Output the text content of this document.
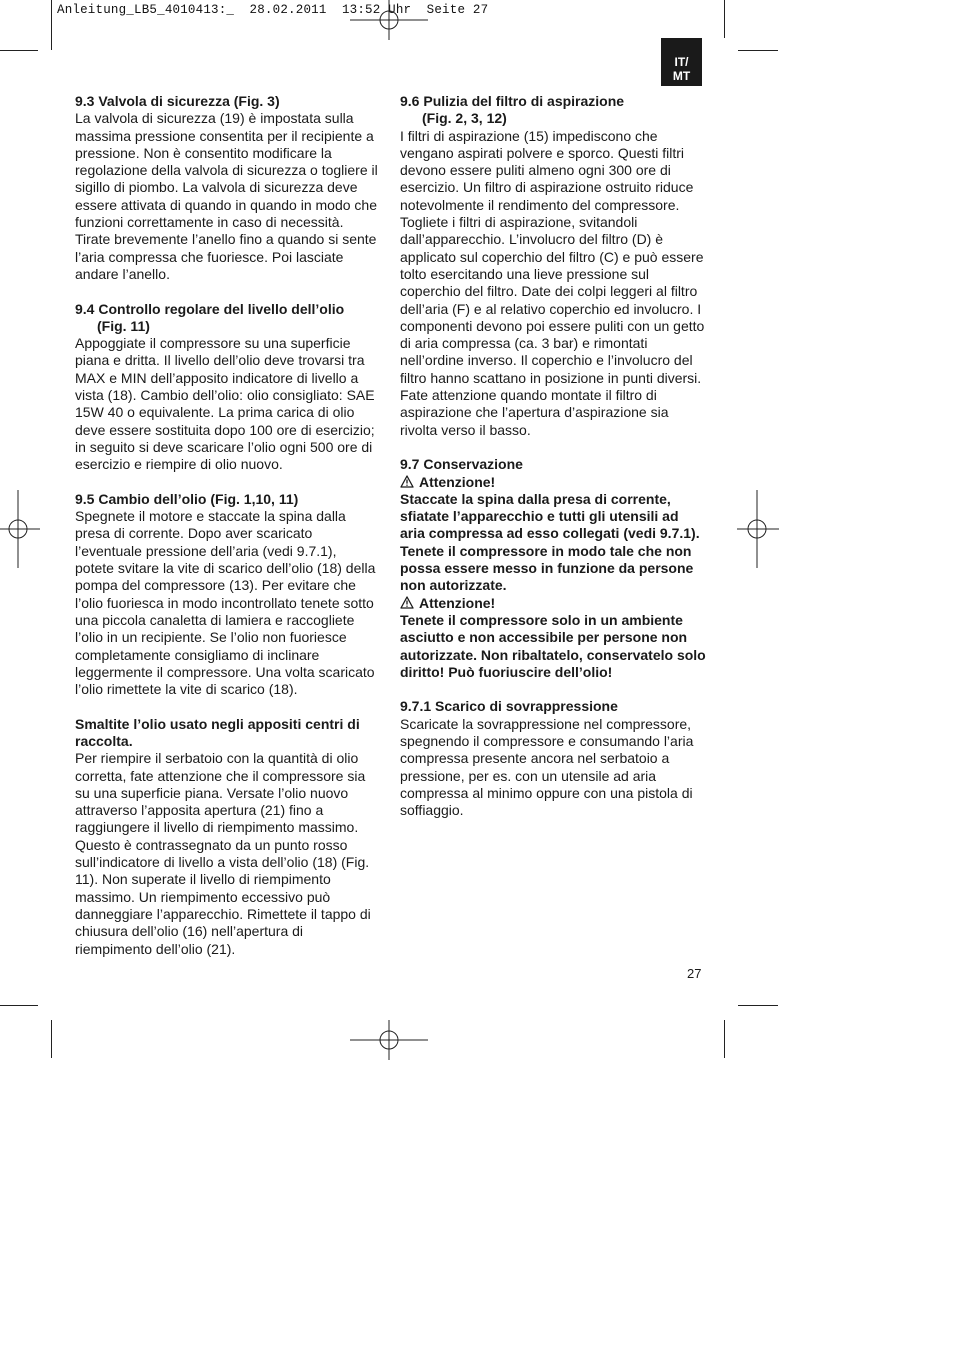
Anleitung_LB5_4010413:_  28.02.2011  13:52 Uhr  Seite 27
IT/
MT
9.3 Valvola di sicurezza (Fig. 3)

La valvola di sicurezza (19) è impostata sulla massima pressione consentita per il recipiente a pressione. Non è consentito modificare la regolazione della valvola di sicurezza o togliere il sigillo di piombo. La valvola di sicurezza deve essere attivata di quando in quando in modo che funzioni correttamente in caso di necessità. Tirate brevemente l’anello fino a quando si sente l’aria compressa che fuoriesce. Poi lasciate andare l’anello.

9.4 Controllo regolare del livello dell’olio
(Fig. 11)

Appoggiate il compressore su una superficie piana e dritta. Il livello dell’olio deve trovarsi tra MAX e MIN dell’apposito indicatore di livello a vista (18). Cambio dell’olio: olio consigliato: SAE 15W 40 o equivalente. La prima carica di olio deve essere sostituita dopo 100 ore di esercizio; in seguito si deve scaricare l’olio ogni 500 ore di esercizio e riempire di olio nuovo.

9.5 Cambio dell’olio (Fig. 1,10, 11)

Spegnete il motore e staccate la spina dalla presa di corrente. Dopo aver scaricato l’eventuale pressione dell’aria (vedi 9.7.1), potete svitare la vite di scarico dell’olio (18) della pompa del compressore (13). Per evitare che l’olio fuoriesca in modo incontrollato tenete sotto una piccola canaletta di lamiera e raccogliete l’olio in un recipiente. Se l’olio non fuoriesce completamente consigliamo di inclinare leggermente il compressore. Una volta scaricato l’olio rimettete la vite di scarico (18).

Smaltite l’olio usato negli appositi centri di raccolta.

Per riempire il serbatoio con la quantità di olio corretta, fate attenzione che il compressore sia su una superficie piana. Versate l’olio nuovo attraverso l’apposita apertura (21) fino a raggiungere il livello di riempimento massimo. Questo è contrassegnato da un punto rosso sull’indicatore di livello a vista dell’olio (18) (Fig. 11). Non superate il livello di riempimento massimo. Un riempimento eccessivo può danneggiare l’apparecchio. Rimettete il tappo di chiusura dell’olio (16) nell’apertura di riempimento dell’olio (21).

9.6 Pulizia del filtro di aspirazione
(Fig. 2, 3, 12)

I filtri di aspirazione (15) impediscono che vengano aspirati polvere e sporco. Questi filtri devono essere puliti almeno ogni 300 ore di esercizio. Un filtro di aspirazione ostruito riduce notevolmente il rendimento del compressore. Togliete i filtri di aspirazione, svitandoli dall’apparecchio. L’involucro del filtro (D) è applicato sul coperchio del filtro (C) e può essere tolto esercitando una lieve pressione sul coperchio del filtro. Date dei colpi leggeri al filtro dell’aria (F) e al relativo coperchio ed involucro. I componenti devono poi essere puliti con un getto di aria compressa (ca. 3 bar) e rimontati nell’ordine inverso. Il coperchio e l’involucro del filtro hanno scattano in posizione in punti diversi. Fate attenzione quando montate il filtro di aspirazione che l’apertura d’aspirazione sia rivolta verso il basso.

9.7 Conservazione
Attenzione!

Staccate la spina dalla presa di corrente, sfiatate l’apparecchio e tutti gli utensili ad aria compressa ad esso collegati (vedi 9.7.1). Tenete il compressore in modo tale che non possa essere messo in funzione da persone non autorizzate.

Attenzione!

Tenete il compressore solo in un ambiente asciutto e non accessibile per persone non autorizzate. Non ribaltatelo, conservatelo solo diritto! Può fuoriuscire dell’olio!

9.7.1 Scarico di sovrappressione

Scaricate la sovrappressione nel compressore, spegnendo il compressore e consumando l’aria compressa presente ancora nel serbatoio a pressione, per es. con un utensile ad aria compressa al minimo oppure con una pistola di soffiaggio.

27
